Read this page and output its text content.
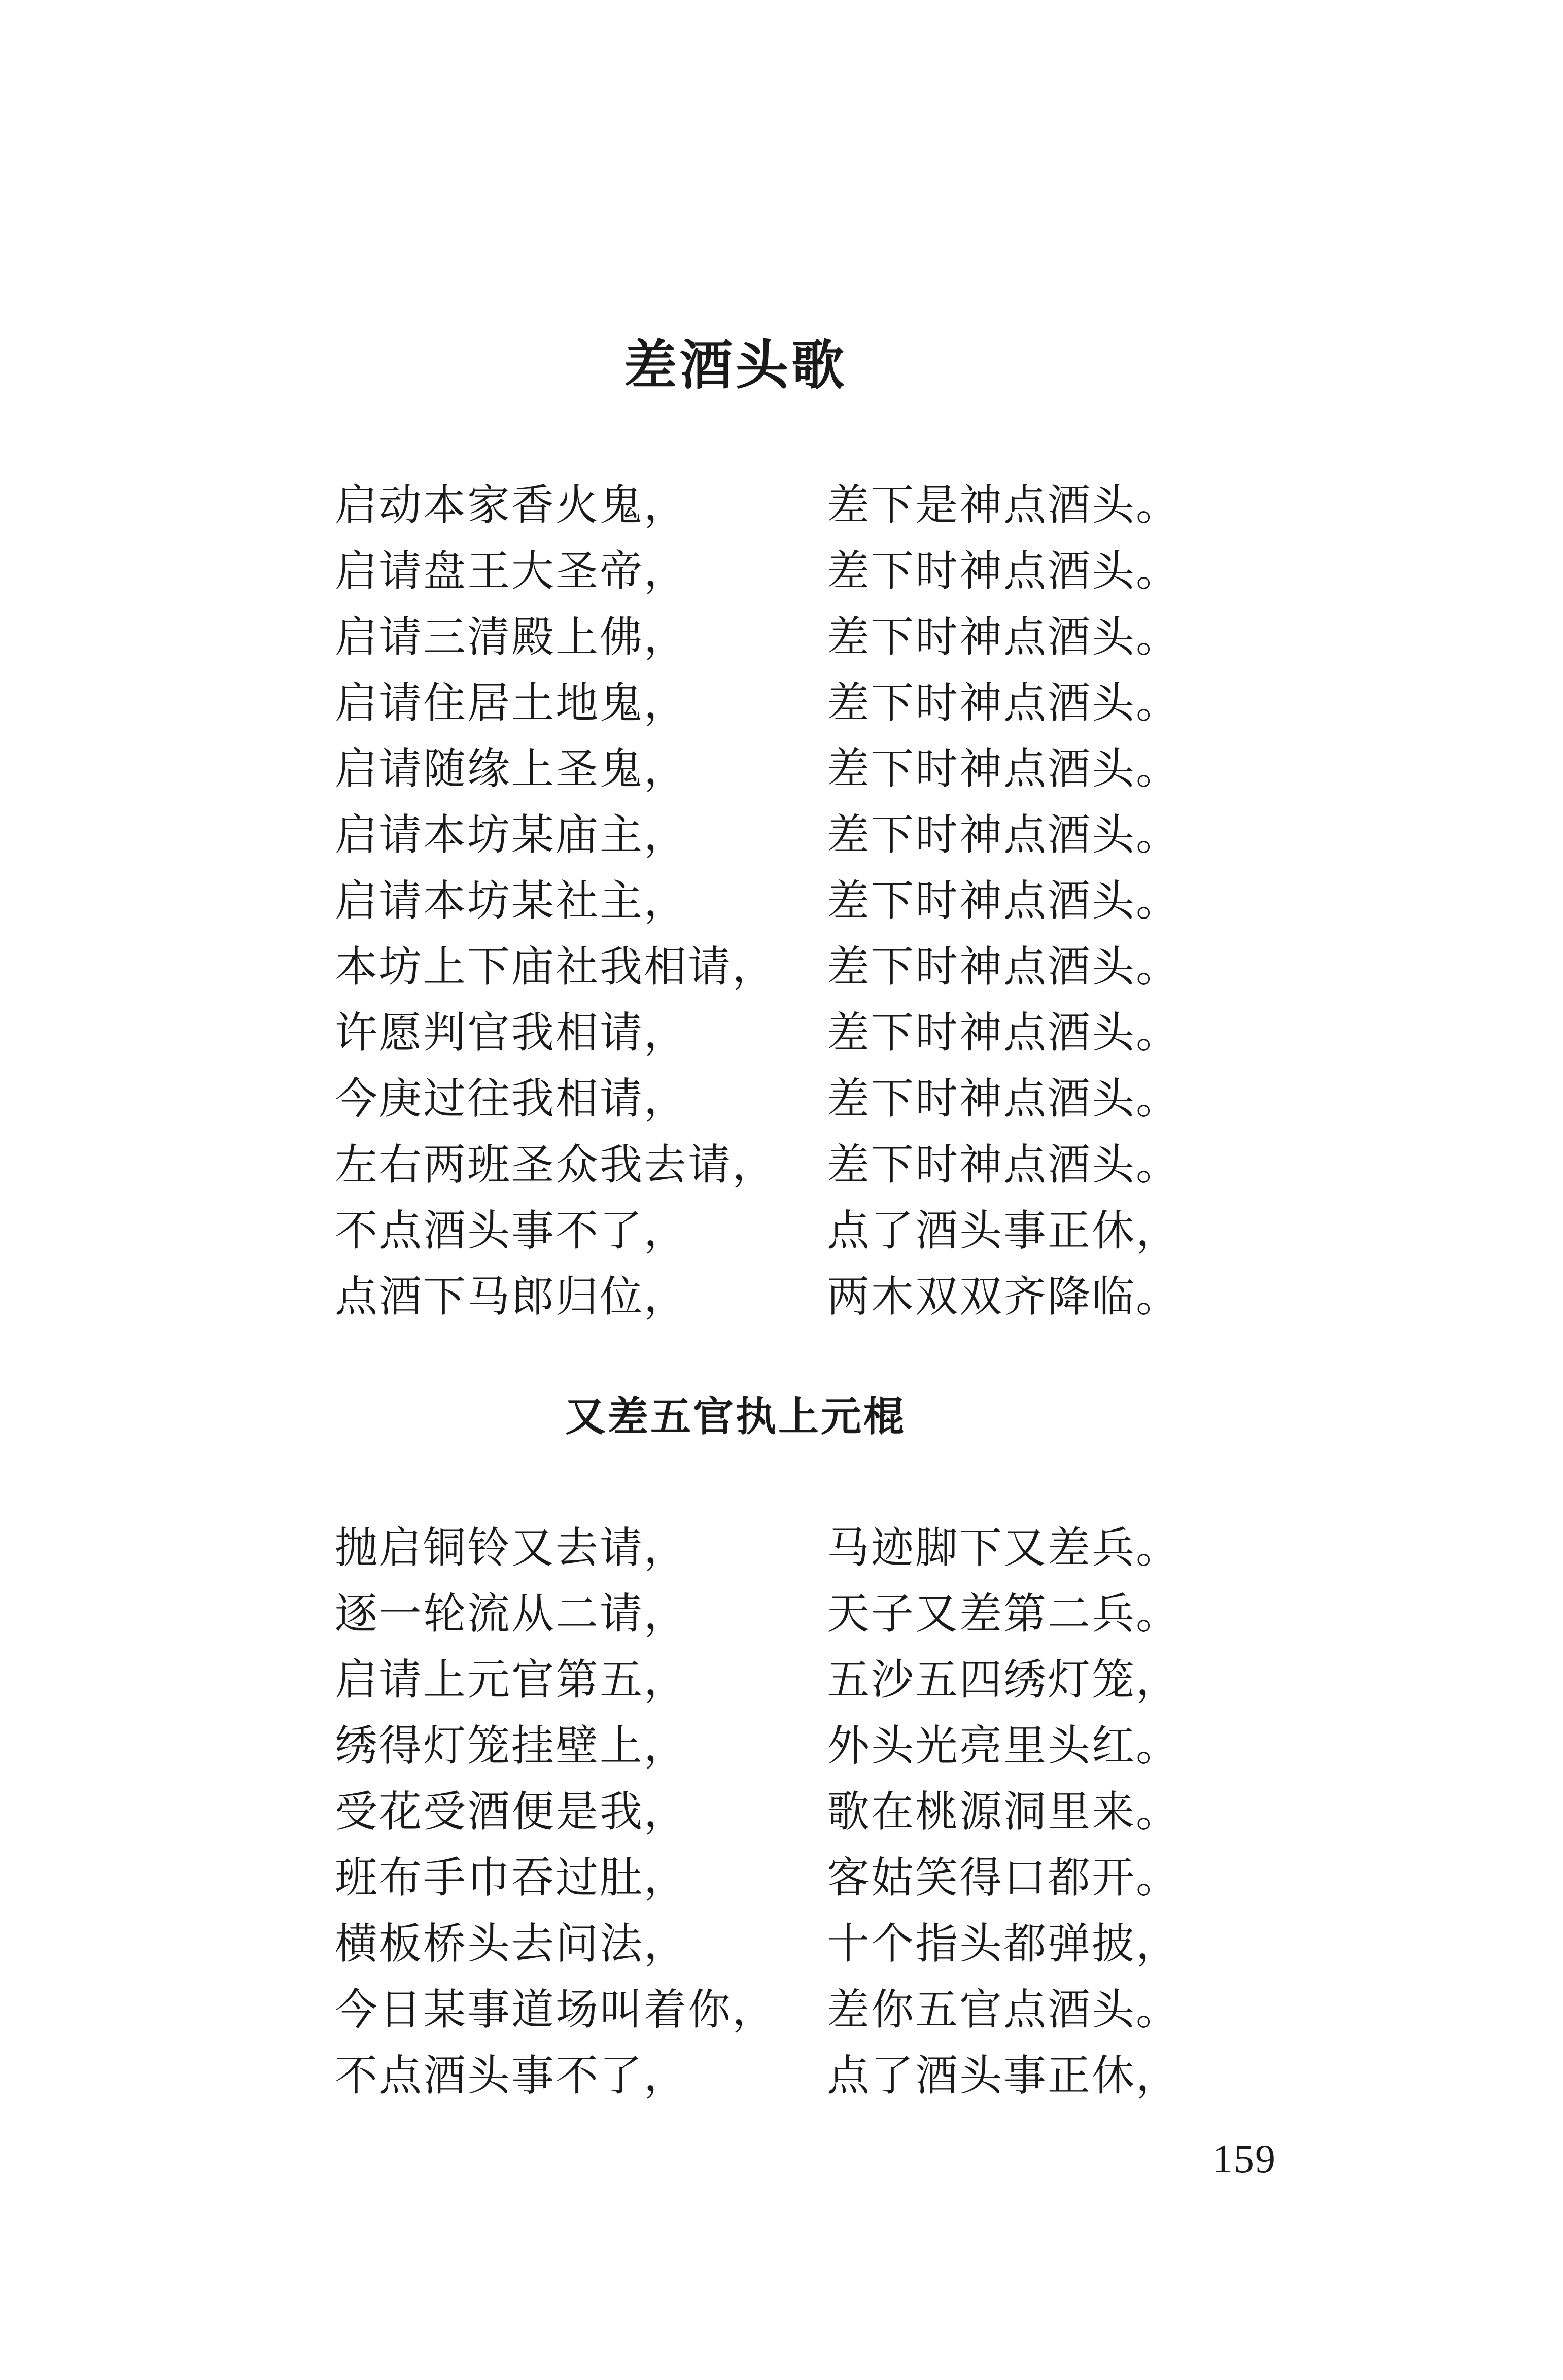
差酒头歌
启动本家香火鬼，	差下是神点酒头。
启请盘王大圣帝，	差下时神点酒头。
启请三清殿上佛，	差下时神点酒头。
启请住居土地鬼，	差下时神点酒头。
启请随缘上圣鬼，	差下时神点酒头。
启请本坊某庙主，	差下时神点酒头。
启请本坊某社主，	差下时神点酒头。
本坊上下庙社我相请， 差下时神点酒头。
许愿判官我相请，	差下时神点酒头。
今庚过往我相请，	差下时神点酒头。
左右两班圣众我去请， 差下时神点酒头。
不点酒头事不了，	点了酒头事正休，
点酒下马郎归位，	两木双双齐降临。
又差五官执上元棍
抛启铜铃又去请，	马迹脚下又差兵。
逐一轮流从二请，	天子又差第二兵。
启请上元官第五，	五沙五四绣灯笼，
绣得灯笼挂壁上，	外头光亮里头红。
受花受酒便是我，	歌在桃源洞里来。
班布手巾吞过肚，	客姑笑得口都开。
横板桥头去问法，	十个指头都弹披，
今日某事道场叫着你， 差你五官点酒头。
不点酒头事不了，	点了酒头事正休，
159
